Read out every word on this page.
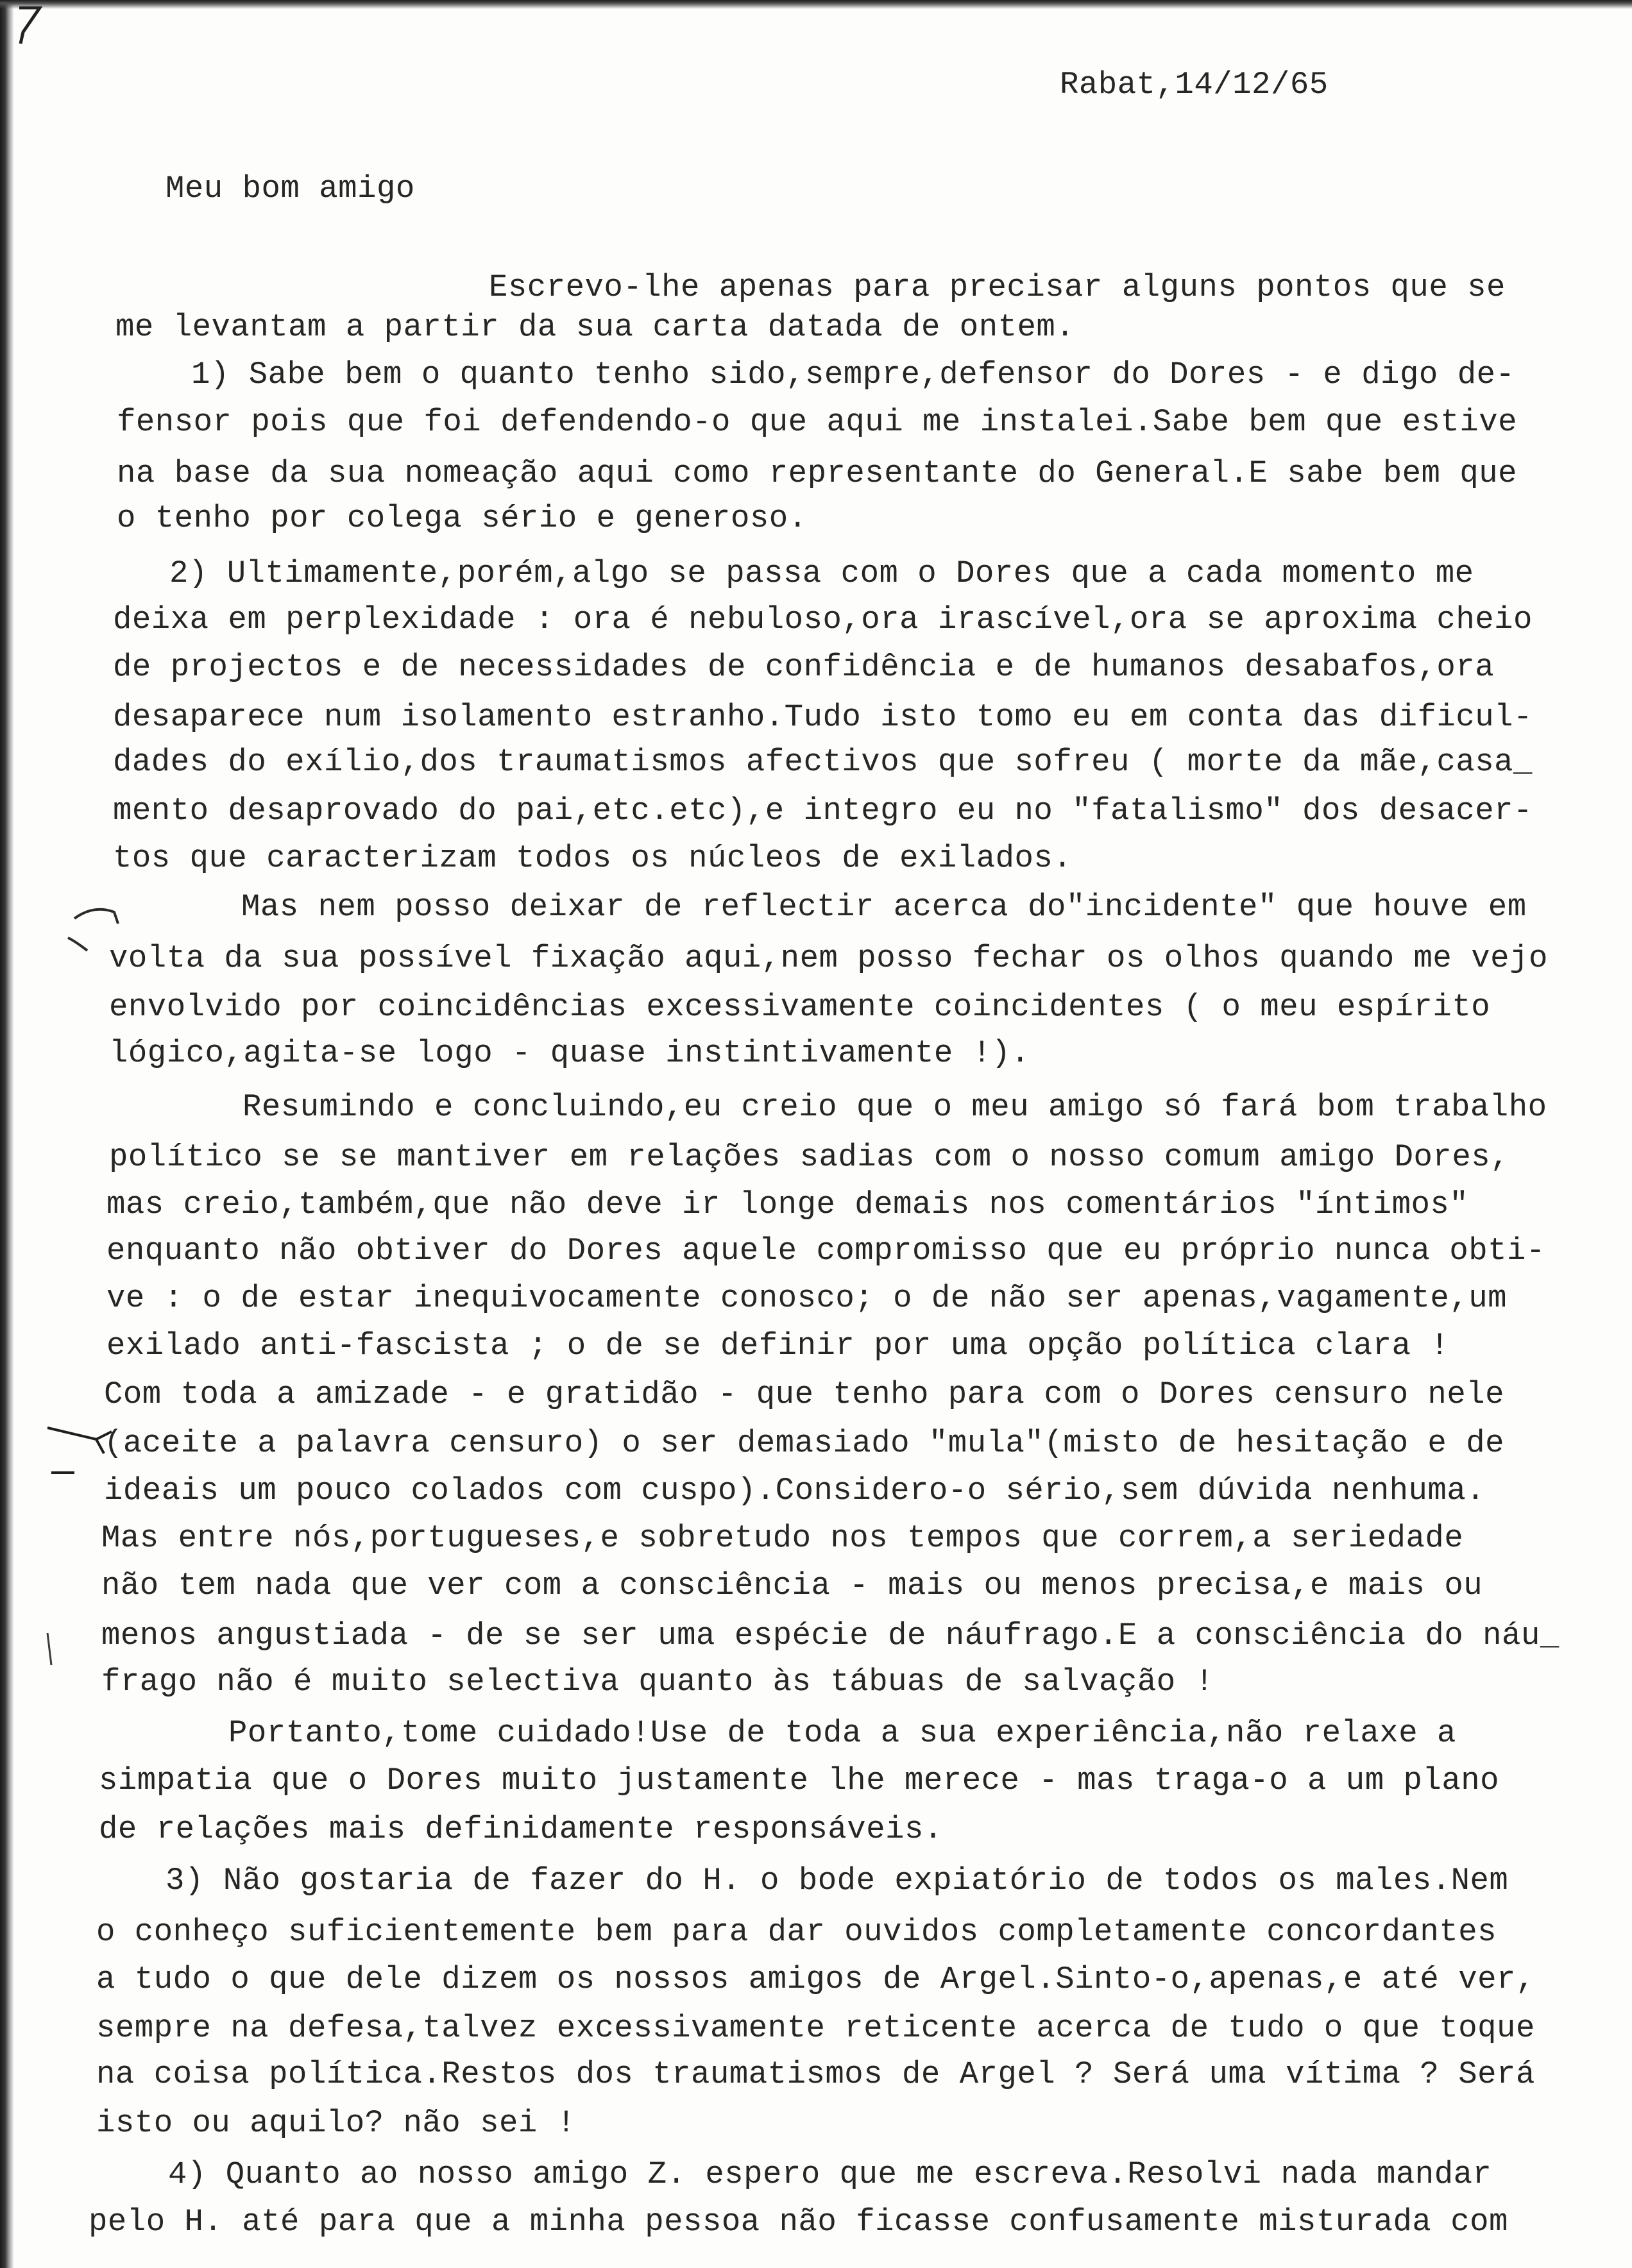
Rabat,14/12/65
Meu bom amigo
Escrevo-lhe apenas para precisar alguns pontos que se
me levantam a partir da sua carta datada de ontem.
1) Sabe bem o quanto tenho sido,sempre,defensor do Dores - e digo de-
fensor pois que foi defendendo-o que aqui me instalei.Sabe bem que estive
na base da sua nomeação aqui como representante do General.E sabe bem que
o tenho por colega sério e generoso.
2) Ultimamente,porém,algo se passa com o Dores que a cada momento me
deixa em perplexidade : ora é nebuloso,ora irascível,ora se aproxima cheio
de projectos e de necessidades de confidência e de humanos desabafos,ora
desaparece num isolamento estranho.Tudo isto tomo eu em conta das dificul-
dades do exílio,dos traumatismos afectivos que sofreu ( morte da mãe,casa_
mento desaprovado do pai,etc.etc),e integro eu no "fatalismo" dos desacer-
tos que caracterizam todos os núcleos de exilados.
Mas nem posso deixar de reflectir acerca do"incidente" que houve em
volta da sua possível fixação aqui,nem posso fechar os olhos quando me vejo
envolvido por coincidências excessivamente coincidentes ( o meu espírito
lógico,agita-se logo - quase instintivamente !).
Resumindo e concluindo,eu creio que o meu amigo só fará bom trabalho
político se se mantiver em relações sadias com o nosso comum amigo Dores,
mas creio,também,que não deve ir longe demais nos comentários "íntimos"
enquanto não obtiver do Dores aquele compromisso que eu próprio nunca obti-
ve : o de estar inequivocamente conosco; o de não ser apenas,vagamente,um
exilado anti-fascista ; o de se definir por uma opção política clara !
Com toda a amizade - e gratidão - que tenho para com o Dores censuro nele
(aceite a palavra censuro) o ser demasiado "mula"(misto de hesitação e de
ideais um pouco colados com cuspo).Considero-o sério,sem dúvida nenhuma.
Mas entre nós,portugueses,e sobretudo nos tempos que correm,a seriedade
não tem nada que ver com a consciência - mais ou menos precisa,e mais ou
menos angustiada - de se ser uma espécie de náufrago.E a consciência do náu_
frago não é muito selectiva quanto às tábuas de salvação !
Portanto,tome cuidado!Use de toda a sua experiência,não relaxe a
simpatia que o Dores muito justamente lhe merece - mas traga-o a um plano
de relações mais definidamente responsáveis.
3) Não gostaria de fazer do H. o bode expiatório de todos os males.Nem
o conheço suficientemente bem para dar ouvidos completamente concordantes
a tudo o que dele dizem os nossos amigos de Argel.Sinto-o,apenas,e até ver,
sempre na defesa,talvez excessivamente reticente acerca de tudo o que toque
na coisa política.Restos dos traumatismos de Argel ? Será uma vítima ? Será
isto ou aquilo? não sei !
4) Quanto ao nosso amigo Z. espero que me escreva.Resolvi nada mandar
pelo H. até para que a minha pessoa não ficasse confusamente misturada com
